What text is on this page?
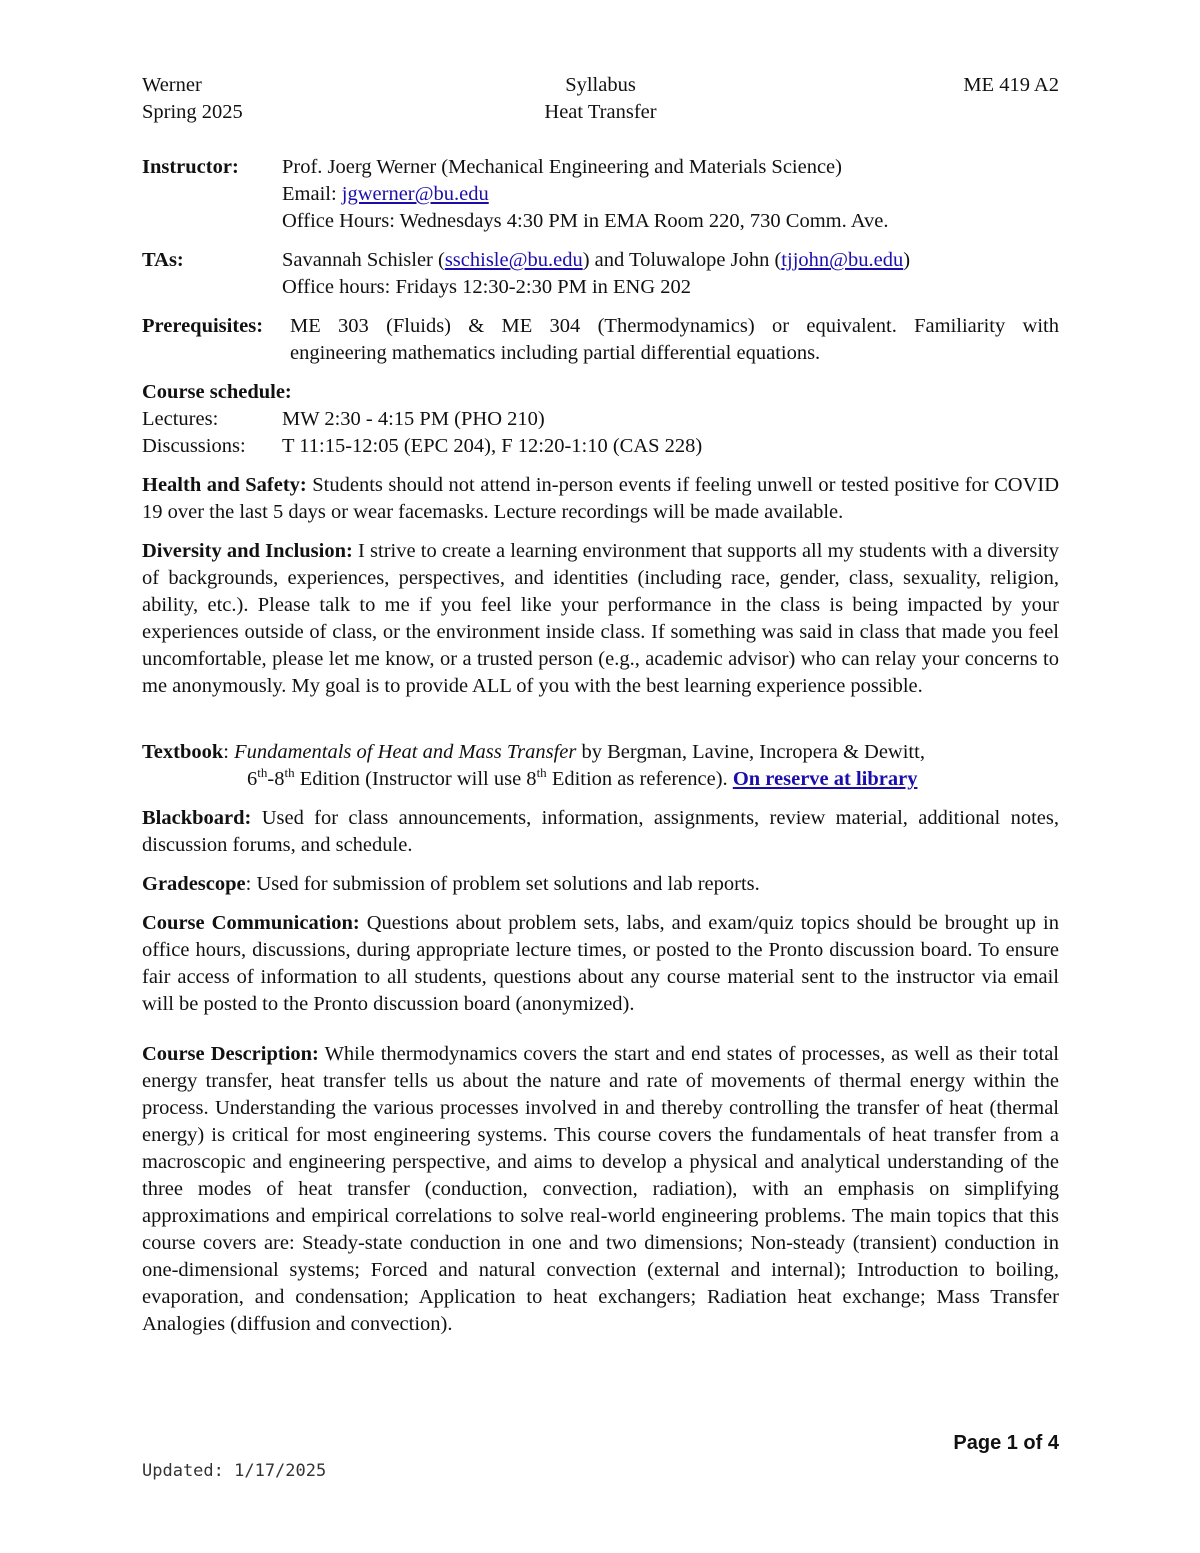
Werner
Spring 2025
Syllabus
Heat Transfer
ME 419 A2
Instructor: Prof. Joerg Werner (Mechanical Engineering and Materials Science)
Email: jgwerner@bu.edu
Office Hours: Wednesdays 4:30 PM in EMA Room 220, 730 Comm. Ave.
TAs:	Savannah Schisler (sschisle@bu.edu) and Toluwalope John (tjjohn@bu.edu)
Office hours: Fridays 12:30-2:30 PM in ENG 202
Prerequisites: ME 303 (Fluids) & ME 304 (Thermodynamics) or equivalent. Familiarity with
engineering mathematics including partial differential equations.
Course schedule:
Lectures:	MW 2:30 - 4:15 PM (PHO 210)
Discussions: T 11:15-12:05 (EPC 204), F 12:20-1:10 (CAS 228)
Health and Safety: Students should not attend in-person events if feeling unwell or tested positive for COVID 19 over the last 5 days or wear facemasks. Lecture recordings will be made available.
Diversity and Inclusion: I strive to create a learning environment that supports all my students with a diversity of backgrounds, experiences, perspectives, and identities (including race, gender, class, sexuality, religion, ability, etc.). Please talk to me if you feel like your performance in the class is being impacted by your experiences outside of class, or the environment inside class. If something was said in class that made you feel uncomfortable, please let me know, or a trusted person (e.g., academic advisor) who can relay your concerns to me anonymously. My goal is to provide ALL of you with the best learning experience possible.
Textbook: Fundamentals of Heat and Mass Transfer by Bergman, Lavine, Incropera & Dewitt,
6th-8th Edition (Instructor will use 8th Edition as reference). On reserve at library
Blackboard: Used for class announcements, information, assignments, review material, additional notes, discussion forums, and schedule.
Gradescope: Used for submission of problem set solutions and lab reports.
Course Communication: Questions about problem sets, labs, and exam/quiz topics should be brought up in office hours, discussions, during appropriate lecture times, or posted to the Pronto discussion board. To ensure fair access of information to all students, questions about any course material sent to the instructor via email will be posted to the Pronto discussion board (anonymized).
Course Description: While thermodynamics covers the start and end states of processes, as well as their total energy transfer, heat transfer tells us about the nature and rate of movements of thermal energy within the process. Understanding the various processes involved in and thereby controlling the transfer of heat (thermal energy) is critical for most engineering systems. This course covers the fundamentals of heat transfer from a macroscopic and engineering perspective, and aims to develop a physical and analytical understanding of the three modes of heat transfer (conduction, convection, radiation), with an emphasis on simplifying approximations and empirical correlations to solve real-world engineering problems. The main topics that this course covers are: Steady-state conduction in one and two dimensions; Non-steady (transient) conduction in one-dimensional systems; Forced and natural convection (external and internal); Introduction to boiling, evaporation, and condensation; Application to heat exchangers; Radiation heat exchange; Mass Transfer Analogies (diffusion and convection).
Page 1 of 4
Updated: 1/17/2025
